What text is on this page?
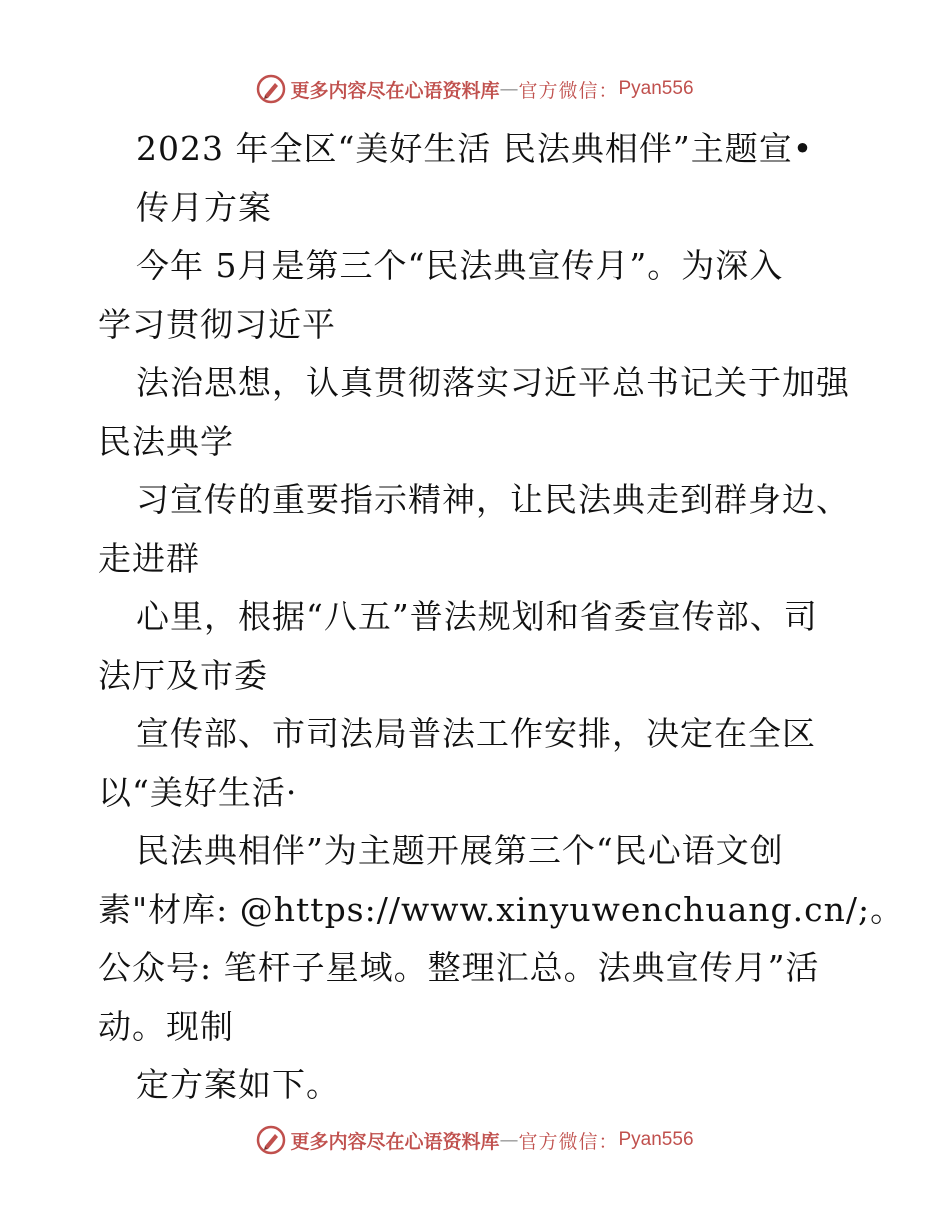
更多内容尽在心语资料库 — 官方微信： Pyan556
2023 年全区“美好生活 民法典相伴”主题宣•
传月方案
今年 5月是第三个“民法典宣传月”。为深入
学习贯彻习近平
法治思想，认真贯彻落实习近平总书记关于加强
民法典学
习宣传的重要指示精神，让民法典走到群身边、
走进群
心里，根据“八五”普法规划和省委宣传部、司
法厅及市委
宣传部、市司法局普法工作安排，决定在全区
以“美好生活·
民法典相伴”为主题开展第三个“民心语文创
素"材库: @https://www.xinyuwenchuang.cn/;。
公众号: 笔杆子星域。整理汇总。法典宣传月”活
动。现制
定方案如下。
更多内容尽在心语资料库 — 官方微信： Pyan556
